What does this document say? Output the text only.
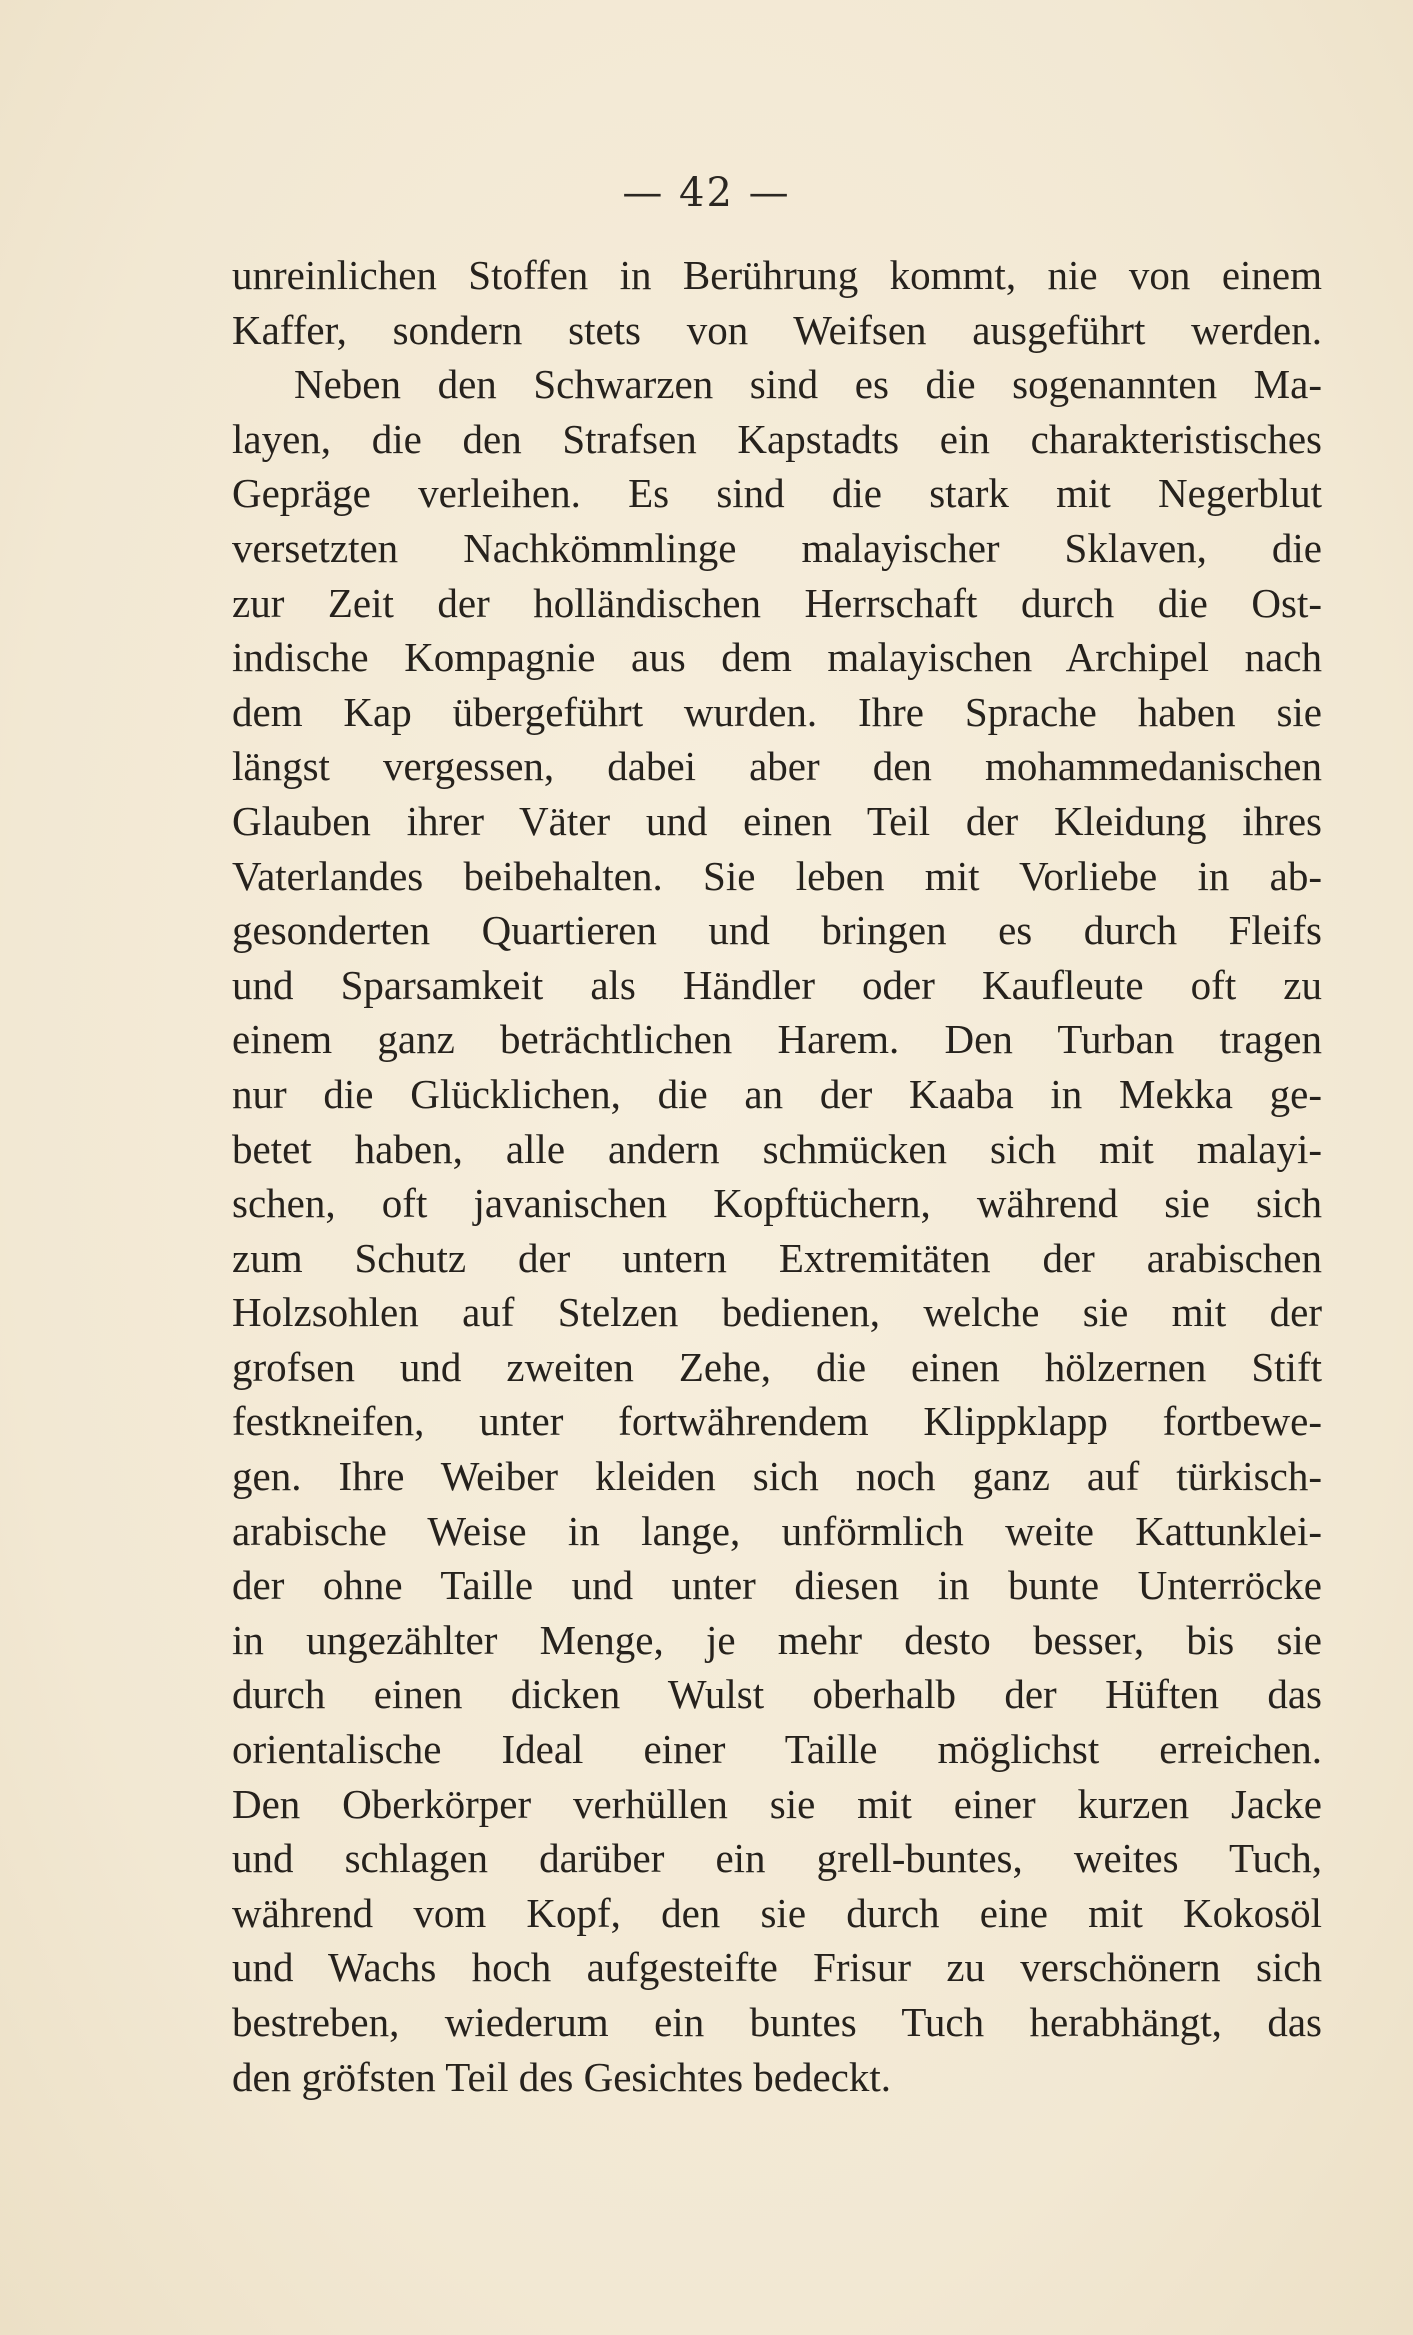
— 42 —
unreinlichen Stoffen in Berührung kommt, nie von einem
Kaffer, sondern stets von Weifsen ausgeführt werden.
Neben den Schwarzen sind es die sogenannten Ma-
layen, die den Strafsen Kapstadts ein charakteristisches
Gepräge verleihen. Es sind die stark mit Negerblut
versetzten Nachkömmlinge malayischer Sklaven, die
zur Zeit der holländischen Herrschaft durch die Ost-
indische Kompagnie aus dem malayischen Archipel nach
dem Kap übergeführt wurden. Ihre Sprache haben sie
längst vergessen, dabei aber den mohammedanischen
Glauben ihrer Väter und einen Teil der Kleidung ihres
Vaterlandes beibehalten. Sie leben mit Vorliebe in ab-
gesonderten Quartieren und bringen es durch Fleifs
und Sparsamkeit als Händler oder Kaufleute oft zu
einem ganz beträchtlichen Harem. Den Turban tragen
nur die Glücklichen, die an der Kaaba in Mekka ge-
betet haben, alle andern schmücken sich mit malayi-
schen, oft javanischen Kopftüchern, während sie sich
zum Schutz der untern Extremitäten der arabischen
Holzsohlen auf Stelzen bedienen, welche sie mit der
grofsen und zweiten Zehe, die einen hölzernen Stift
festkneifen, unter fortwährendem Klippklapp fortbewe-
gen. Ihre Weiber kleiden sich noch ganz auf türkisch-
arabische Weise in lange, unförmlich weite Kattunklei-
der ohne Taille und unter diesen in bunte Unterröcke
in ungezählter Menge, je mehr desto besser, bis sie
durch einen dicken Wulst oberhalb der Hüften das
orientalische Ideal einer Taille möglichst erreichen.
Den Oberkörper verhüllen sie mit einer kurzen Jacke
und schlagen darüber ein grell-buntes, weites Tuch,
während vom Kopf, den sie durch eine mit Kokosöl
und Wachs hoch aufgesteifte Frisur zu verschönern sich
bestreben, wiederum ein buntes Tuch herabhängt, das
den gröfsten Teil des Gesichtes bedeckt.
